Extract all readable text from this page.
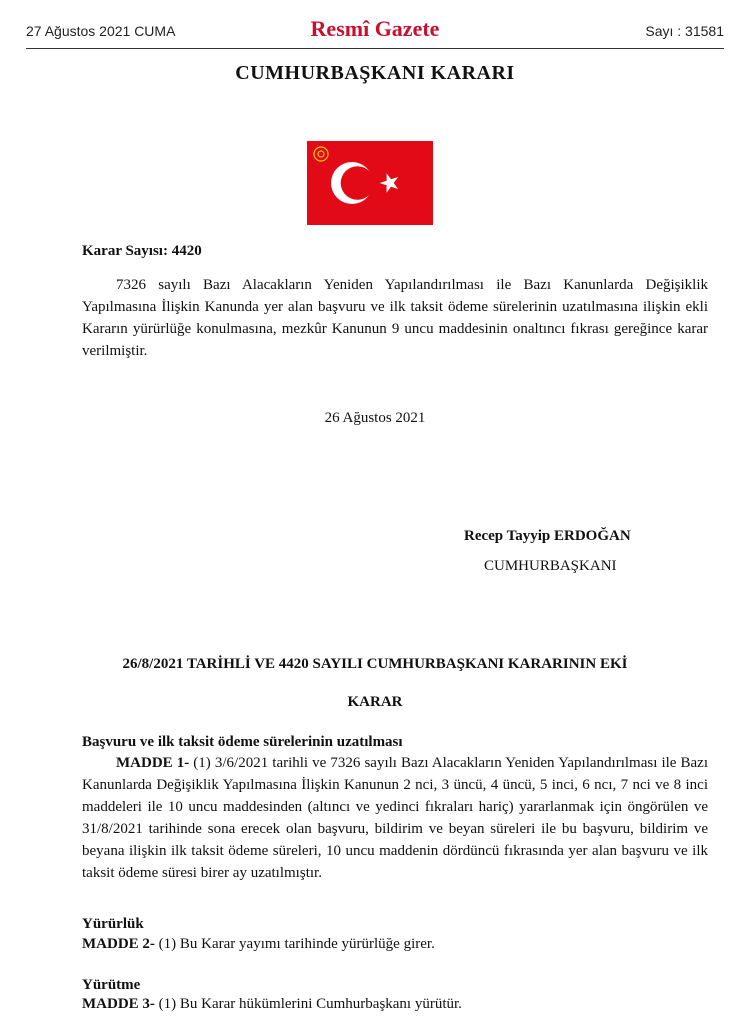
27 Ağustos 2021 CUMA	Resmî Gazete	Sayı : 31581
CUMHURBAŞKANI KARARI
Karar Sayısı: 4420
7326 sayılı Bazı Alacakların Yeniden Yapılandırılması ile Bazı Kanunlarda Değişiklik Yapılmasına İlişkin Kanunda yer alan başvuru ve ilk taksit ödeme sürelerinin uzatılmasına ilişkin ekli Kararın yürürlüğe konulmasına, mezkûr Kanunun 9 uncu maddesinin onaltıncı fıkrası gereğince karar verilmiştir.
26 Ağustos 2021
Recep Tayyip ERDOĞAN
CUMHURBAŞKANI
26/8/2021 TARİHLİ VE 4420 SAYILI CUMHURBAŞKANI KARARININ EKİ
KARAR
Başvuru ve ilk taksit ödeme sürelerinin uzatılması
MADDE 1- (1) 3/6/2021 tarihli ve 7326 sayılı Bazı Alacakların Yeniden Yapılandırılması ile Bazı Kanunlarda Değişiklik Yapılmasına İlişkin Kanunun 2 nci, 3 üncü, 4 üncü, 5 inci, 6 ncı, 7 nci ve 8 inci maddeleri ile 10 uncu maddesinden (altıncı ve yedinci fıkraları hariç) yararlanmak için öngörülen ve 31/8/2021 tarihinde sona erecek olan başvuru, bildirim ve beyan süreleri ile bu başvuru, bildirim ve beyana ilişkin ilk taksit ödeme süreleri, 10 uncu maddenin dördüncü fıkrasında yer alan başvuru ve ilk taksit ödeme süresi birer ay uzatılmıştır.
Yürürlük
MADDE 2- (1) Bu Karar yayımı tarihinde yürürlüğe girer.
Yürütme
MADDE 3- (1) Bu Karar hükümlerini Cumhurbaşkanı yürütür.
